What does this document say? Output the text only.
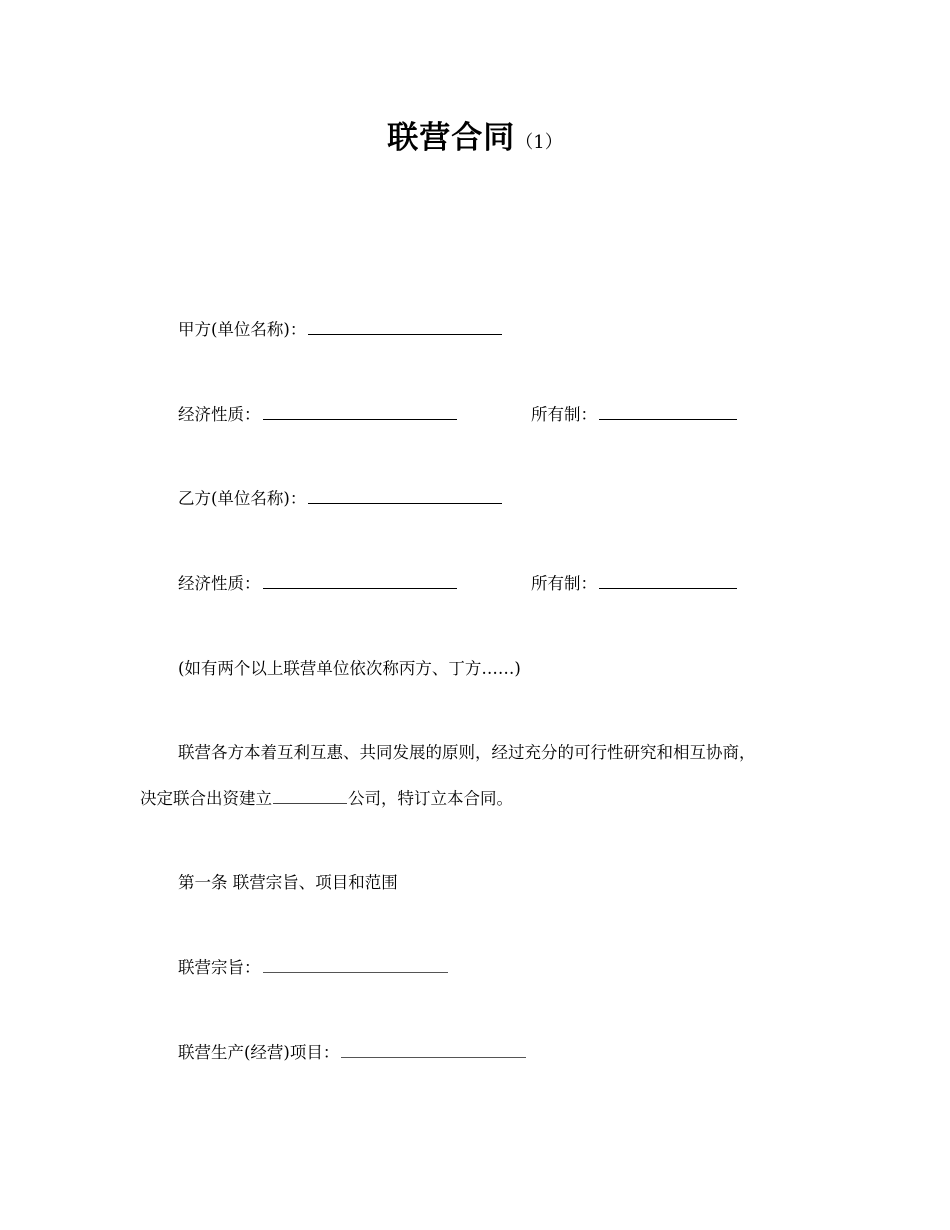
联营合同（1）
甲方(单位名称)：
经济性质：	所有制：
乙方(单位名称)：
经济性质：	所有制：
(如有两个以上联营单位依次称丙方、丁方……)
联营各方本着互利互惠、共同发展的原则，经过充分的可行性研究和相互协商，
决定联合出资建立	公司，特订立本合同。
第一条 联营宗旨、项目和范围
联营宗旨：
联营生产(经营)项目：
